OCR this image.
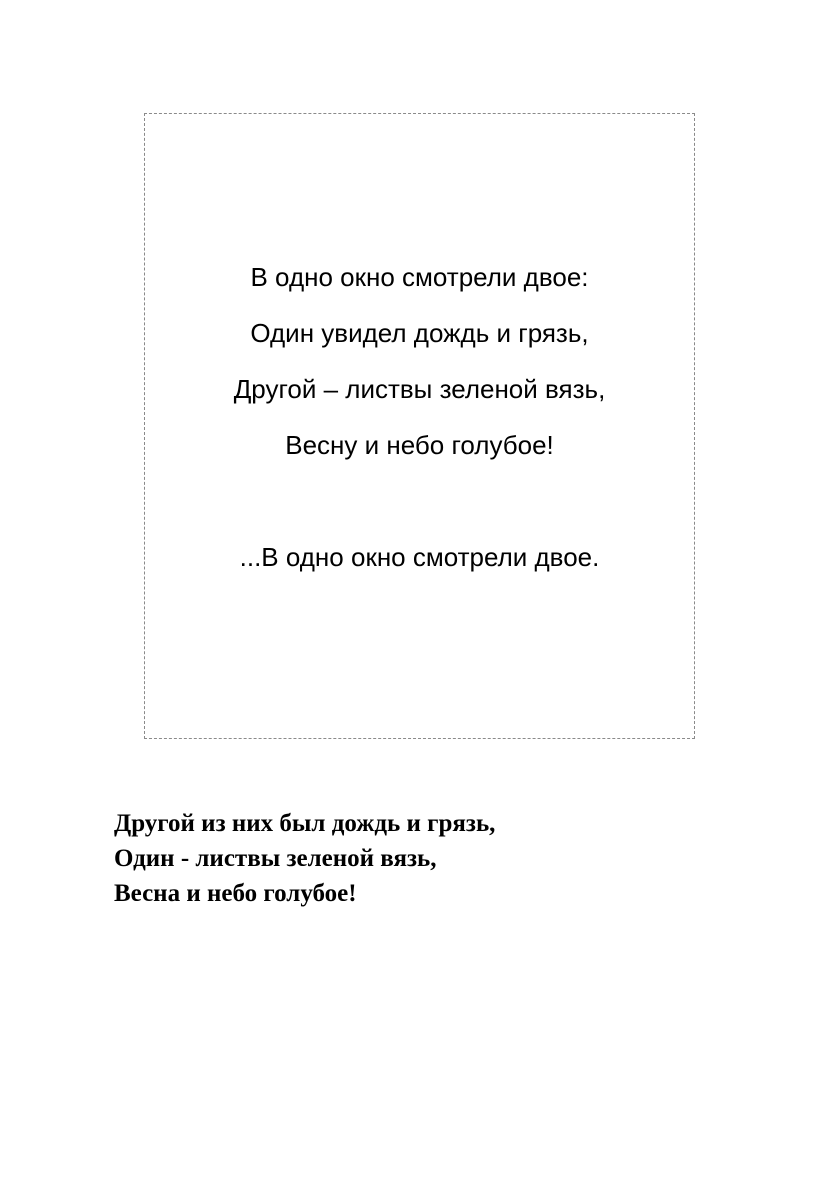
В одно окно смотрели двое:
Один увидел дождь и грязь,
Другой – листвы зеленой вязь,
Весну и небо голубое!
...В одно окно смотрели двое.
Другой из них был дождь и грязь,
Один - листвы зеленой вязь,
Весна и небо голубое!
